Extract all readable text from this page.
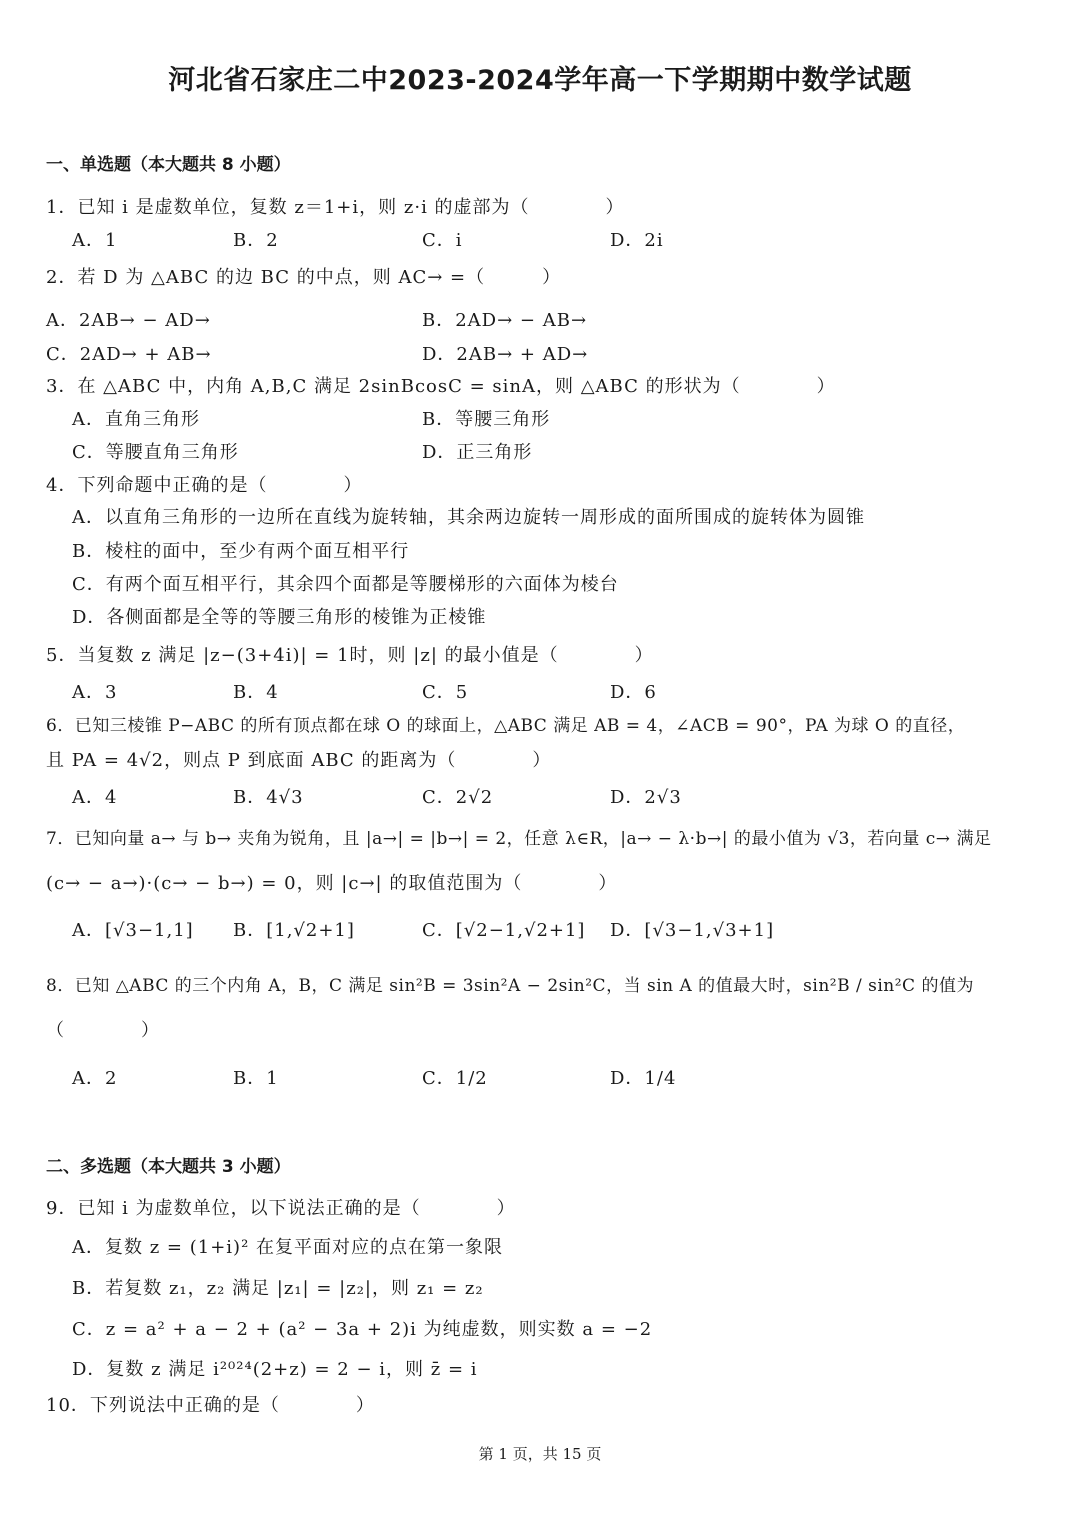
河北省石家庄二中2023-2024学年高一下学期期中数学试题
一、单选题（本大题共 8 小题）
1．已知 i 是虚数单位，复数 z＝1+i，则 z·i 的虚部为（　　　　）
A．1	B．2	C．i	D．2i
2．若 D 为 △ABC 的边 BC 的中点，则 AC→ =（　　　）
A．2AB→ − AD→	B．2AD→ − AB→
C．2AD→ + AB→	D．2AB→ + AD→
3．在 △ABC 中，内角 A,B,C 满足 2sinBcosC = sinA，则 △ABC 的形状为（　　　　）
A．直角三角形	B．等腰三角形
C．等腰直角三角形	D．正三角形
4．下列命题中正确的是（　　　　）
A．以直角三角形的一边所在直线为旋转轴，其余两边旋转一周形成的面所围成的旋转体为圆锥
B．棱柱的面中，至少有两个面互相平行
C．有两个面互相平行，其余四个面都是等腰梯形的六面体为棱台
D．各侧面都是全等的等腰三角形的棱锥为正棱锥
5．当复数 z 满足 |z−(3+4i)| = 1时，则 |z| 的最小值是（　　　　）
A．3	B．4	C．5	D．6
6．已知三棱锥 P−ABC 的所有顶点都在球 O 的球面上，△ABC 满足 AB = 4，∠ACB = 90°，PA 为球 O 的直径，
且 PA = 4√2，则点 P 到底面 ABC 的距离为（　　　　）
A．4	B．4√3	C．2√2	D．2√3
7．已知向量 a→ 与 b→ 夹角为锐角，且 |a→| = |b→| = 2，任意 λ∈R，|a→ − λ·b→| 的最小值为 √3，若向量 c→ 满足
(c→ − a→)·(c→ − b→) = 0，则 |c→| 的取值范围为（　　　　）
A．[√3−1,1] B．[1,√2+1]	C．[√2−1,√2+1] D．[√3−1,√3+1]
8．已知 △ABC 的三个内角 A，B，C 满足 sin²B = 3sin²A − 2sin²C，当 sin A 的值最大时，sin²B / sin²C 的值为
（　　　　）
A．2	B．1	C．1/2	D．1/4
二、多选题（本大题共 3 小题）
9．已知 i 为虚数单位，以下说法正确的是（　　　　）
A．复数 z = (1+i)² 在复平面对应的点在第一象限
B．若复数 z₁，z₂ 满足 |z₁| = |z₂|，则 z₁ = z₂
C．z = a² + a − 2 + (a² − 3a + 2)i 为纯虚数，则实数 a = −2
D．复数 z 满足 i²⁰²⁴(2+z) = 2 − i，则 z̄ = i
10．下列说法中正确的是（　　　　）
第 1 页，共 15 页
